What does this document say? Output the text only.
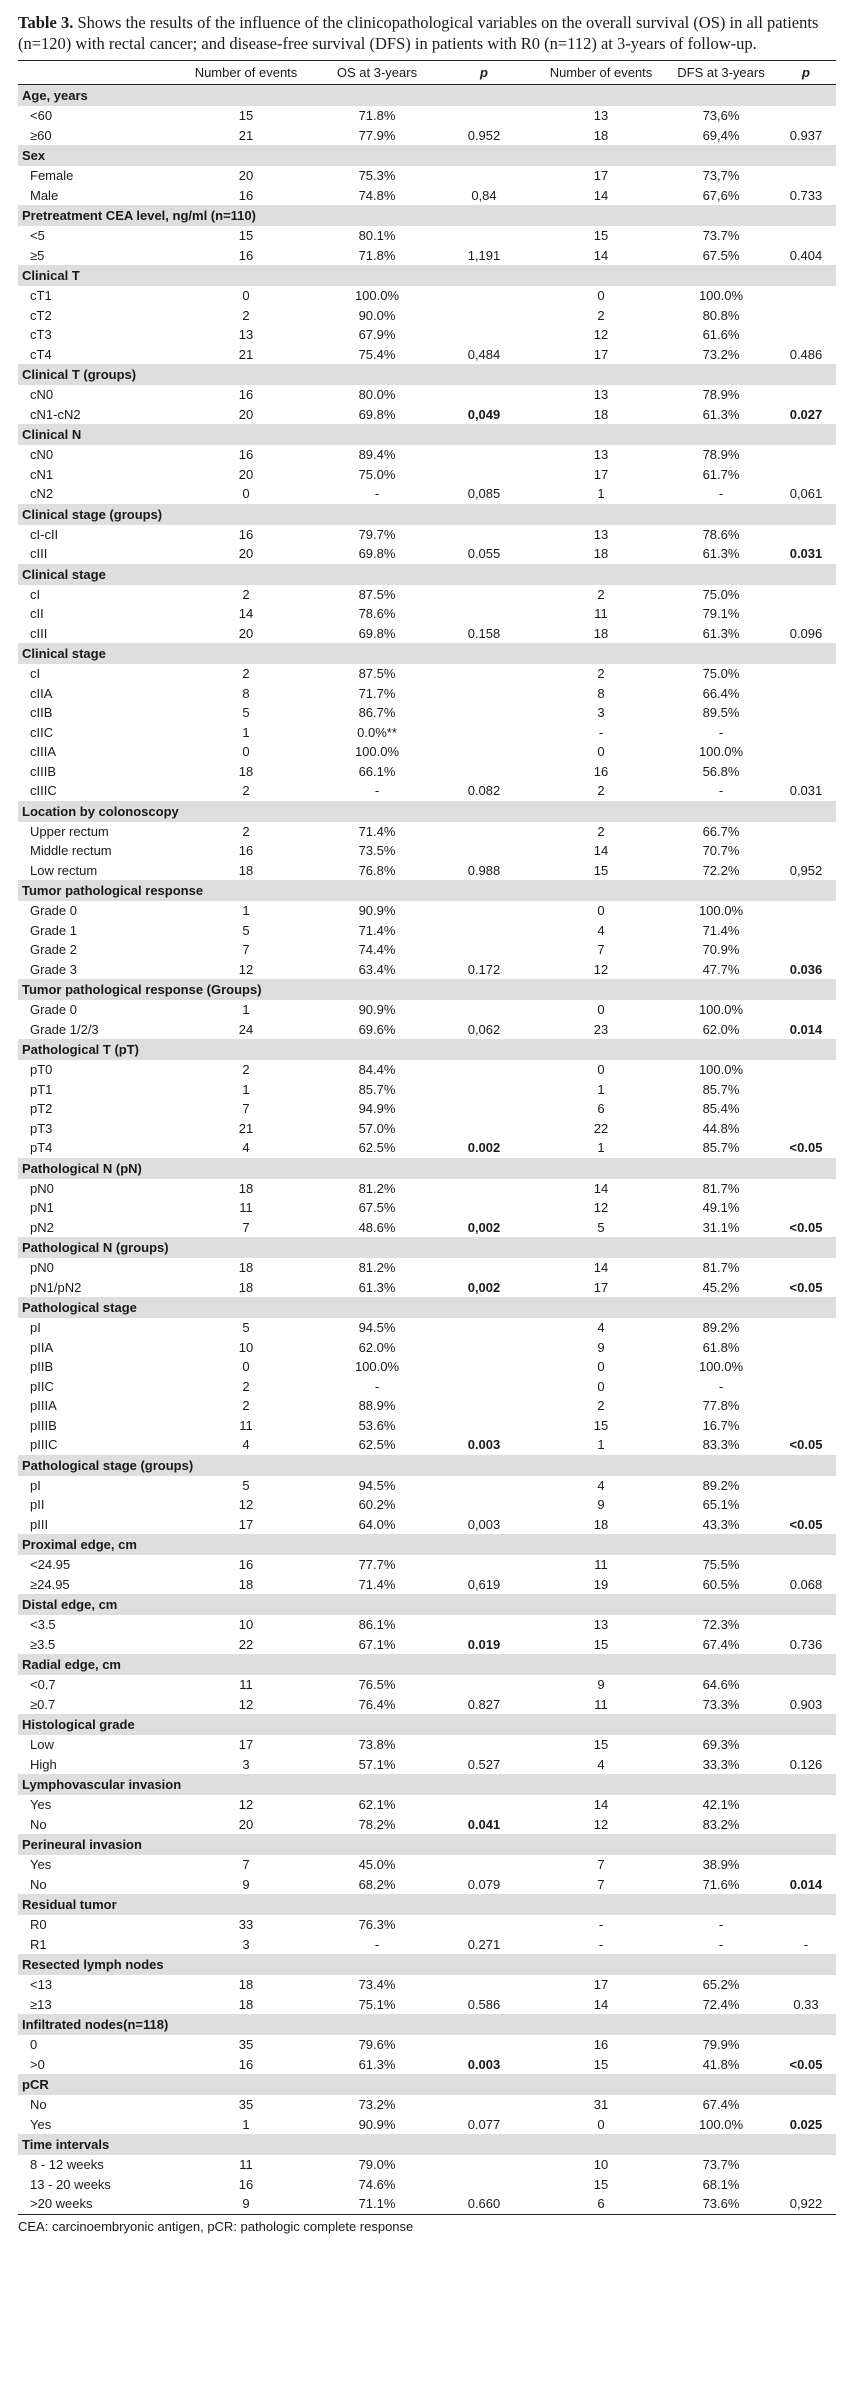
Table 3. Shows the results of the influence of the clinicopathological variables on the overall survival (OS) in all patients (n=120) with rectal cancer; and disease-free survival (DFS) in patients with R0 (n=112) at 3-years of follow-up.

	Number of events	OS at 3-years	p	Number of events	DFS at 3-years	p
Age, years						
<60	15	71.8%		13	73,6%	
≥60	21	77.9%	0.952	18	69,4%	0.937
Sex						
Female	20	75.3%		17	73,7%	
Male	16	74.8%	0,84	14	67,6%	0.733
Pretreatment CEA level, ng/ml (n=110)						
<5	15	80.1%		15	73.7%	
≥5	16	71.8%	1,191	14	67.5%	0.404
Clinical T						
cT1	0	100.0%		0	100.0%	
cT2	2	90.0%		2	80.8%	
cT3	13	67.9%		12	61.6%	
cT4	21	75.4%	0,484	17	73.2%	0.486
Clinical T (groups)						
cN0	16	80.0%		13	78.9%	
cN1-cN2	20	69.8%	0,049	18	61.3%	0.027
Clinical N						
cN0	16	89.4%		13	78.9%	
cN1	20	75.0%		17	61.7%	
cN2	0	-	0,085	1	-	0,061
Clinical stage (groups)						
cI-cII	16	79.7%		13	78.6%	
cIII	20	69.8%	0.055	18	61.3%	0.031
Clinical stage						
cI	2	87.5%		2	75.0%	
cII	14	78.6%		11	79.1%	
cIII	20	69.8%	0.158	18	61.3%	0.096
Clinical stage						
cI	2	87.5%		2	75.0%	
cIIA	8	71.7%		8	66.4%	
cIIB	5	86.7%		3	89.5%	
cIIC	1	0.0%**		-	-	
cIIIA	0	100.0%		0	100.0%	
cIIIB	18	66.1%		16	56.8%	
cIIIC	2	-	0.082	2	-	0.031
Location by colonoscopy						
Upper rectum	2	71.4%		2	66.7%	
Middle rectum	16	73.5%		14	70.7%	
Low rectum	18	76.8%	0.988	15	72.2%	0,952
Tumor pathological response						
Grade 0	1	90.9%		0	100.0%	
Grade 1	5	71.4%		4	71.4%	
Grade 2	7	74.4%		7	70.9%	
Grade 3	12	63.4%	0.172	12	47.7%	0.036
Tumor pathological response (Groups)						
Grade 0	1	90.9%		0	100.0%	
Grade 1/2/3	24	69.6%	0,062	23	62.0%	0.014
Pathological T (pT)						
pT0	2	84.4%		0	100.0%	
pT1	1	85.7%		1	85.7%	
pT2	7	94.9%		6	85.4%	
pT3	21	57.0%		22	44.8%	
pT4	4	62.5%	0.002	1	85.7%	<0.05
Pathological N (pN)						
pN0	18	81.2%		14	81.7%	
pN1	11	67.5%		12	49.1%	
pN2	7	48.6%	0,002	5	31.1%	<0.05
Pathological N (groups)						
pN0	18	81.2%		14	81.7%	
pN1/pN2	18	61.3%	0,002	17	45.2%	<0.05
Pathological stage						
pI	5	94.5%		4	89.2%	
pIIA	10	62.0%		9	61.8%	
pIIB	0	100.0%		0	100.0%	
pIIC	2	-		0	-	
pIIIA	2	88.9%		2	77.8%	
pIIIB	11	53.6%		15	16.7%	
pIIIC	4	62.5%	0.003	1	83.3%	<0.05
Pathological stage (groups)						
pI	5	94.5%		4	89.2%	
pII	12	60.2%		9	65.1%	
pIII	17	64.0%	0,003	18	43.3%	<0.05
Proximal edge, cm						
<24.95	16	77.7%		11	75.5%	
≥24.95	18	71.4%	0,619	19	60.5%	0.068
Distal edge, cm						
<3.5	10	86.1%		13	72.3%	
≥3.5	22	67.1%	0.019	15	67.4%	0.736
Radial edge, cm						
<0.7	11	76.5%		9	64.6%	
≥0.7	12	76.4%	0.827	11	73.3%	0.903
Histological grade						
Low	17	73.8%		15	69.3%	
High	3	57.1%	0.527	4	33.3%	0.126
Lymphovascular invasion						
Yes	12	62.1%		14	42.1%	
No	20	78.2%	0.041	12	83.2%	
Perineural invasion						
Yes	7	45.0%		7	38.9%	
No	9	68.2%	0.079	7	71.6%	0.014
Residual tumor						
R0	33	76.3%		-	-	
R1	3	-	0.271	-	-	-
Resected lymph nodes						
<13	18	73.4%		17	65.2%	
≥13	18	75.1%	0.586	14	72.4%	0.33
Infiltrated nodes(n=118)						
0	35	79.6%		16	79.9%	
>0	16	61.3%	0.003	15	41.8%	<0.05
pCR						
No	35	73.2%		31	67.4%	
Yes	1	90.9%	0.077	0	100.0%	0.025
Time intervals						
8 - 12 weeks	11	79.0%		10	73.7%	
13 - 20 weeks	16	74.6%		15	68.1%	
>20 weeks	9	71.1%	0.660	6	73.6%	0,922
CEA: carcinoembryonic antigen, pCR: pathologic complete response
